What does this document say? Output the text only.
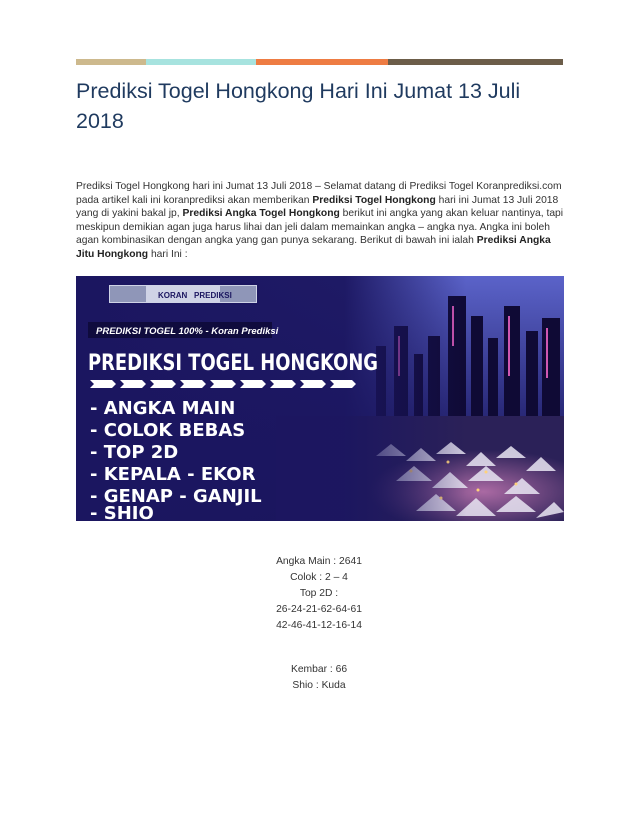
Prediksi Togel Hongkong Hari Ini Jumat 13 Juli 2018

Prediksi Togel Hongkong hari ini Jumat 13 Juli 2018 – Selamat datang di Prediksi Togel Koranprediksi.com pada artikel kali ini koranprediksi akan memberikan Prediksi Togel Hongkong hari ini Jumat 13 Juli 2018 yang di yakini bakal jp, Prediksi Angka Togel Hongkong berikut ini angka yang akan keluar nantinya, tapi meskipun demikian agan juga harus lihai dan jeli dalam memainkan angka – angka nya. Angka ini boleh agan kombinasikan dengan angka yang gan punya sekarang. Berikut di bawah ini ialah Prediksi Angka Jitu Hongkong hari Ini :

KORAN PREDIKSI
PREDIKSI TOGEL 100% - Koran Prediksi
PREDIKSI TOGEL HONGKONG
- ANGKA MAIN
- COLOK BEBAS
- TOP 2D
- KEPALA - EKOR
- GENAP - GANJIL
- SHIO
Angka Main : 2641
Colok : 2 – 4
Top 2D :
26-24-21-62-64-61
42-46-41-12-16-14
Kembar : 66
Shio : Kuda
